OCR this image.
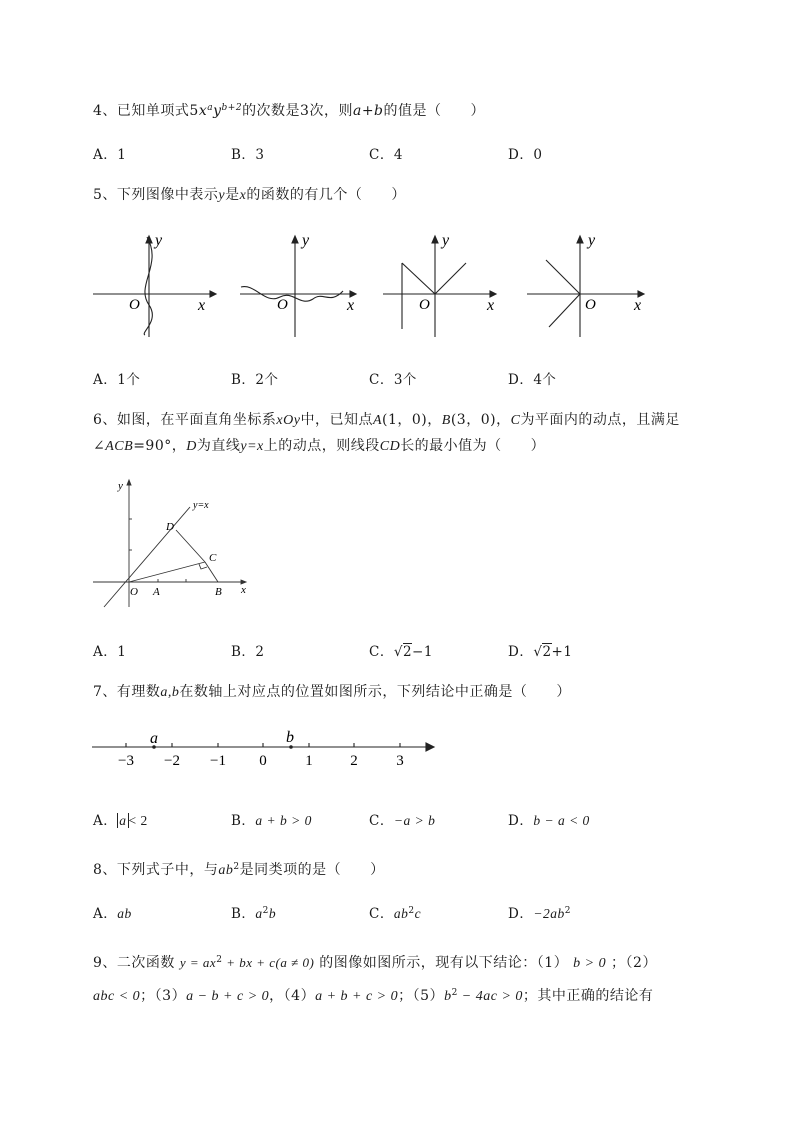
4、已知单项式$5x^ay^{b+2}$的次数是3次，则a+b的值是（　　）
A．1	B．3	C．4	D．0
5、下列图像中表示y是x的函数的有几个（　　）
y
x
O
y
x
O
y
x
O
y
x
O
A．1个	B．2个	C．3个	D．4个
6、如图，在平面直角坐标系xOy中，已知点A(1，0)，B(3，0)，C为平面内的动点，且满足
∠ACB=90°，D为直线y=x上的动点，则线段CD长的最小值为（　　）
y
x
y=x
O A	B
C
D
A．1	B．2	C．√2−1	D．√2+1
7、有理数a,b在数轴上对应点的位置如图所示，下列结论中正确是（　　）
a	b
−3 −2 −1 0	1	2	3
A． a < 2	B．a + b > 0	C．−a > b	D．b − a < 0
8、下列式子中，与$ab^2$是同类项的是（　　）
A．ab	B．$a^2b$	C．$ab^2c$	D．$-2ab^2$
9、二次函数 $y = ax^2$ + bx + c(a ≠ 0) 的图像如图所示，现有以下结论：（1） b > 0 ；（2）
abc < 0；（3）a − b + c > 0，（4）a + b + c > 0；$(5)b^2 - 4ac > 0$；其中正确的结论有
